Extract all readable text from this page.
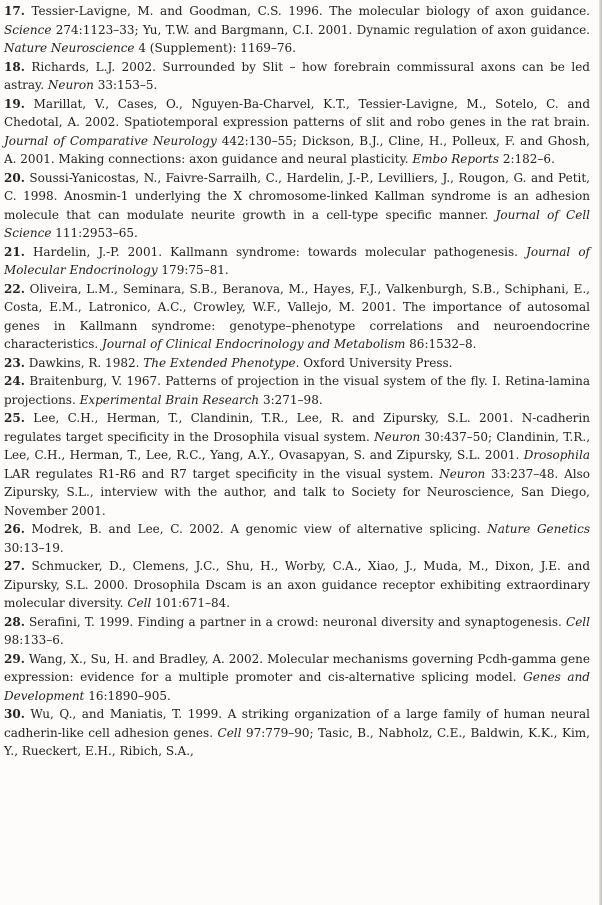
17. Tessier-Lavigne, M. and Goodman, C.S. 1996. The molecular biology of axon guidance. Science 274:1123–33; Yu, T.W. and Bargmann, C.I. 2001. Dynamic regulation of axon guidance. Nature Neuroscience 4 (Supplement): 1169–76.

18. Richards, L.J. 2002. Surrounded by Slit – how forebrain commissural axons can be led astray. Neuron 33:153–5.

19. Marillat, V., Cases, O., Nguyen-Ba-Charvel, K.T., Tessier-Lavigne, M., Sotelo, C. and Chedotal, A. 2002. Spatiotemporal expression patterns of slit and robo genes in the rat brain. Journal of Comparative Neurology 442:130–55; Dickson, B.J., Cline, H., Polleux, F. and Ghosh, A. 2001. Making connections: axon guidance and neural plasticity. Embo Reports 2:182–6.

20. Soussi-Yanicostas, N., Faivre-Sarrailh, C., Hardelin, J.-P., Levilliers, J., Rougon, G. and Petit, C. 1998. Anosmin-1 underlying the X chromosome-linked Kallman syndrome is an adhesion molecule that can modulate neurite growth in a cell-type specific manner. Journal of Cell Science 111:2953–65.

21. Hardelin, J.-P. 2001. Kallmann syndrome: towards molecular pathogenesis. Journal of Molecular Endocrinology 179:75–81.

22. Oliveira, L.M., Seminara, S.B., Beranova, M., Hayes, F.J., Valkenburgh, S.B., Schiphani, E., Costa, E.M., Latronico, A.C., Crowley, W.F., Vallejo, M. 2001. The importance of autosomal genes in Kallmann syndrome: genotype–phenotype correlations and neuroendocrine characteristics. Journal of Clinical Endocrinology and Metabolism 86:1532–8.

23. Dawkins, R. 1982. The Extended Phenotype. Oxford University Press.

24. Braitenburg, V. 1967. Patterns of projection in the visual system of the fly. I. Retina-lamina projections. Experimental Brain Research 3:271–98.

25. Lee, C.H., Herman, T., Clandinin, T.R., Lee, R. and Zipursky, S.L. 2001. N-cadherin regulates target specificity in the Drosophila visual system. Neuron 30:437–50; Clandinin, T.R., Lee, C.H., Herman, T., Lee, R.C., Yang, A.Y., Ovasapyan, S. and Zipursky, S.L. 2001. Drosophila LAR regulates R1-R6 and R7 target specificity in the visual system. Neuron 33:237–48. Also Zipursky, S.L., interview with the author, and talk to Society for Neuroscience, San Diego, November 2001.

26. Modrek, B. and Lee, C. 2002. A genomic view of alternative splicing. Nature Genetics 30:13–19.

27. Schmucker, D., Clemens, J.C., Shu, H., Worby, C.A., Xiao, J., Muda, M., Dixon, J.E. and Zipursky, S.L. 2000. Drosophila Dscam is an axon guidance receptor exhibiting extraordinary molecular diversity. Cell 101:671–84.

28. Serafini, T. 1999. Finding a partner in a crowd: neuronal diversity and synaptogenesis. Cell 98:133–6.

29. Wang, X., Su, H. and Bradley, A. 2002. Molecular mechanisms governing Pcdh-gamma gene expression: evidence for a multiple promoter and cis-alternative splicing model. Genes and Development 16:1890–905.

30. Wu, Q., and Maniatis, T. 1999. A striking organization of a large family of human neural cadherin-like cell adhesion genes. Cell 97:779–90; Tasic, B., Nabholz, C.E., Baldwin, K.K., Kim, Y., Rueckert, E.H., Ribich, S.A.,
